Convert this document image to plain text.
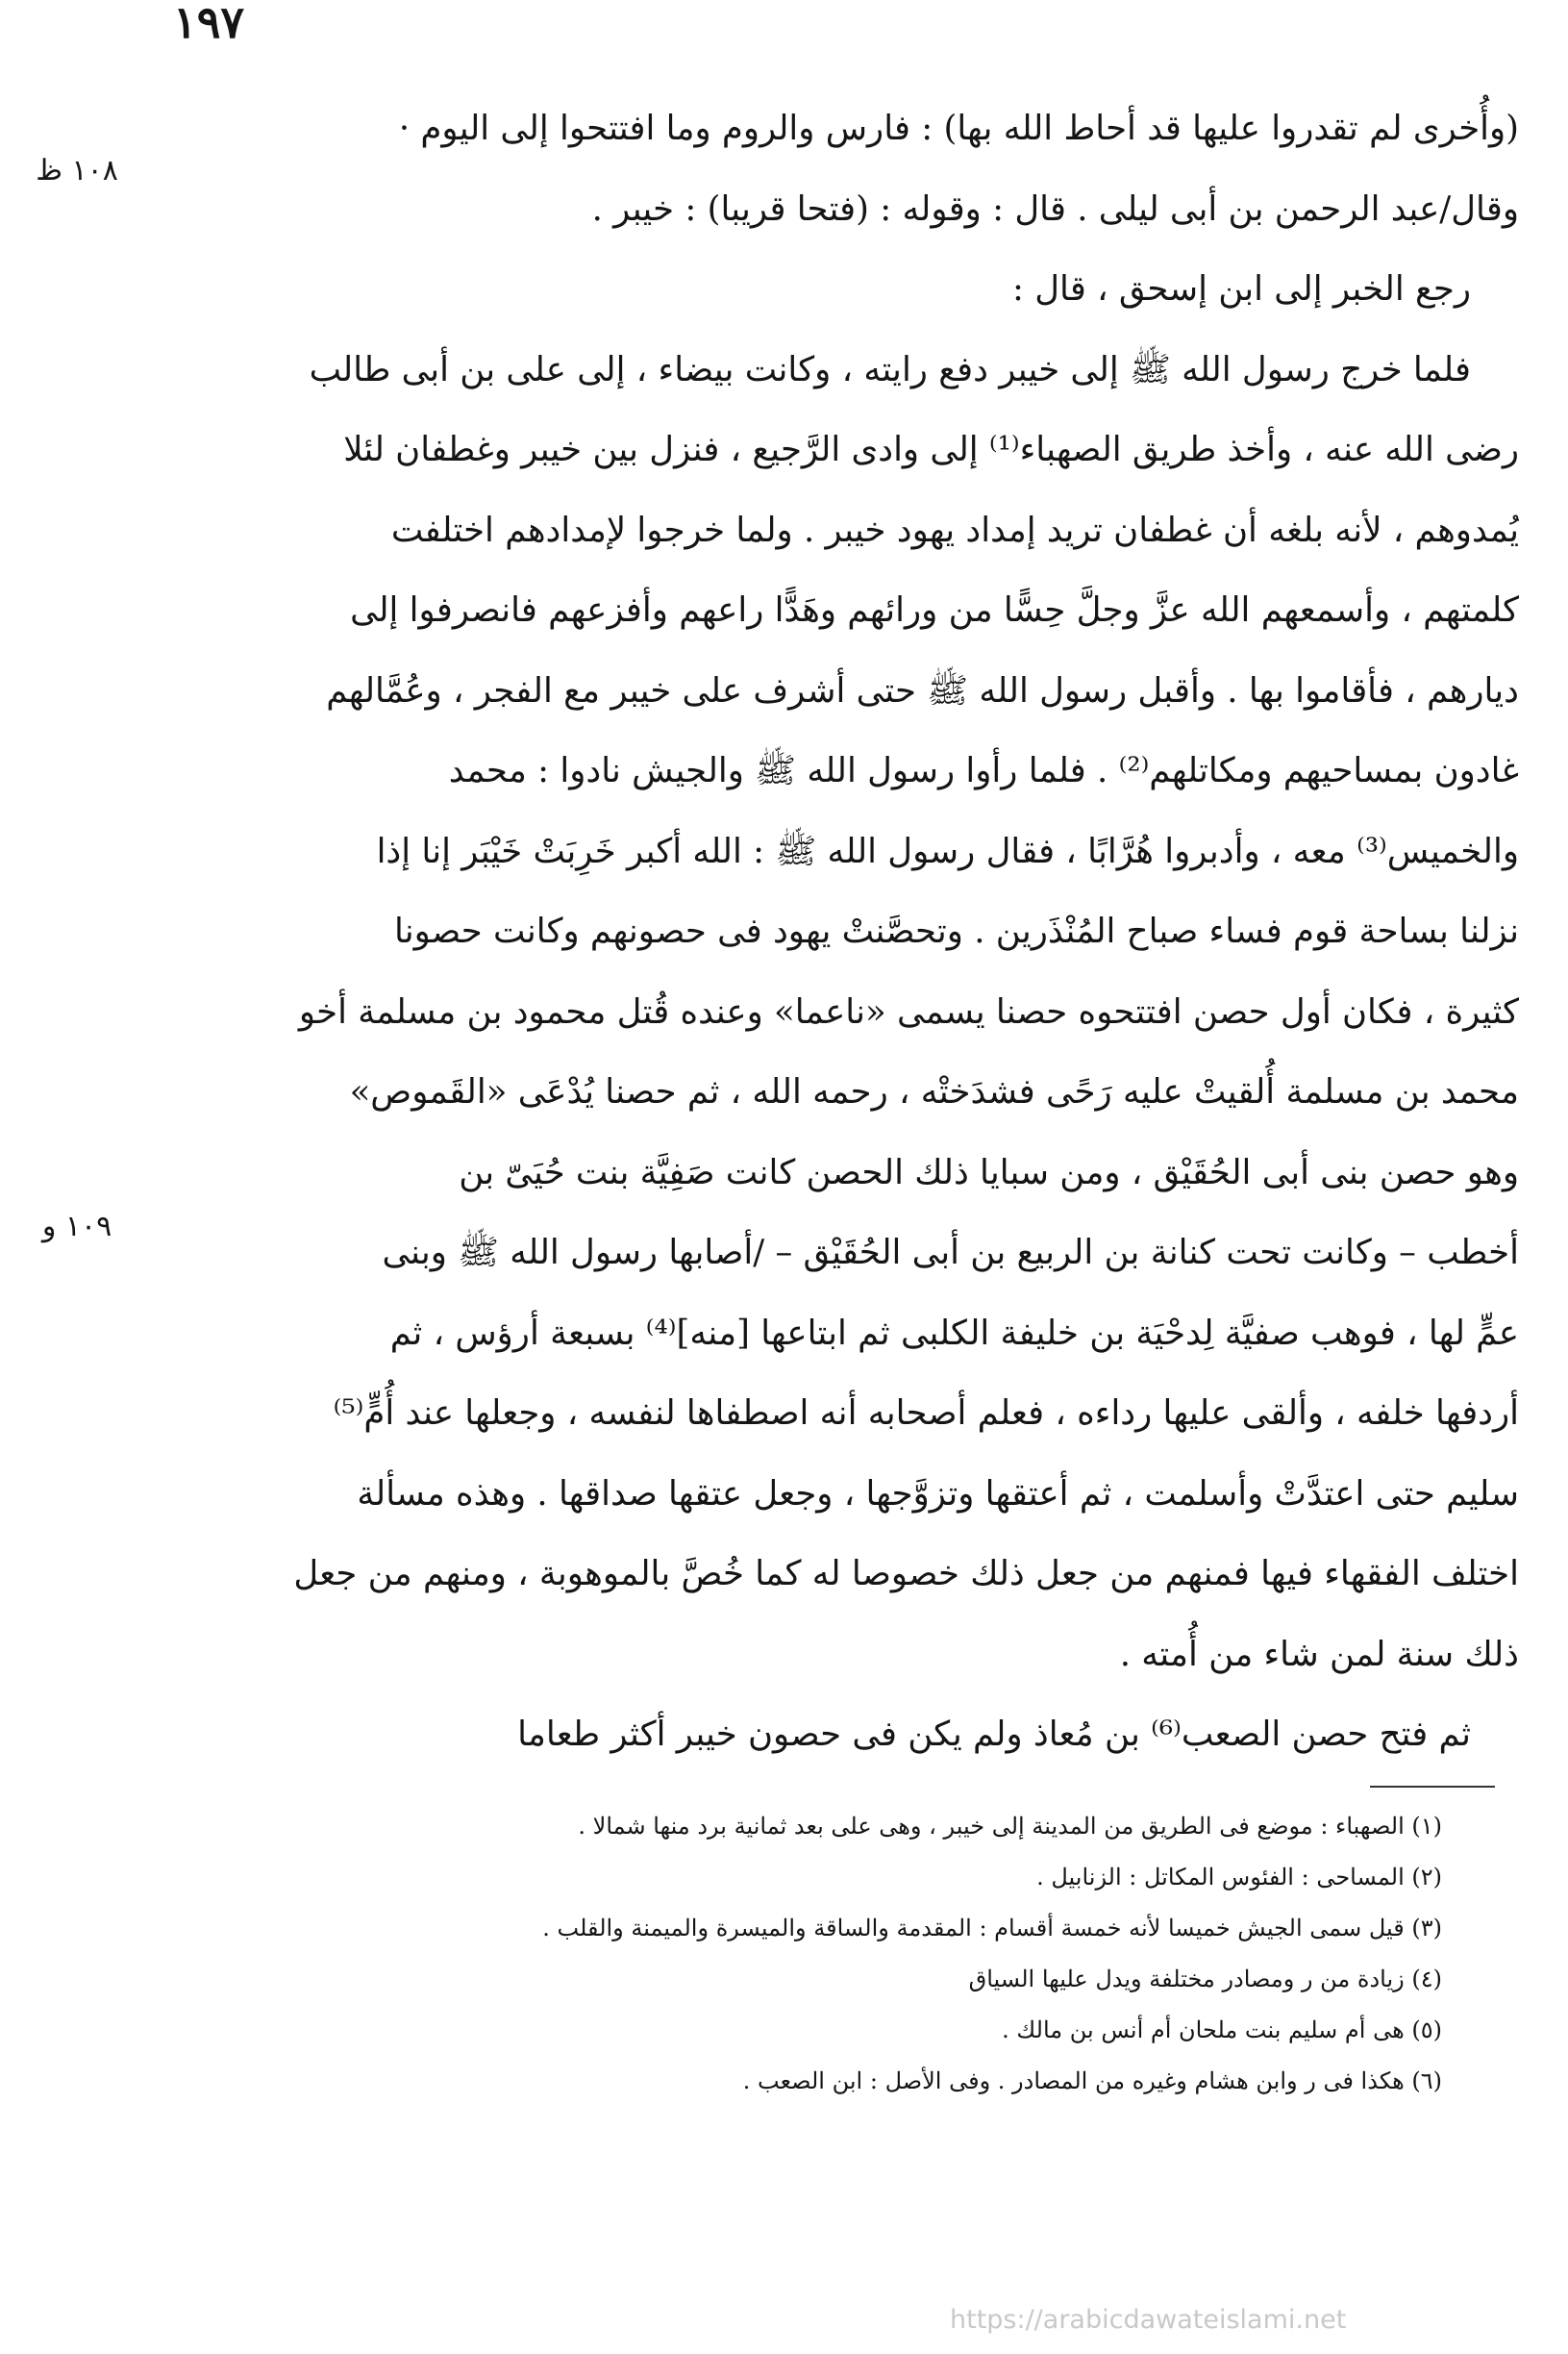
١٩٧
١٠٨ ظ
١٠٩ و
(وأُخرى لم تقدروا عليها قد أحاط الله بها) : فارس والروم وما افتتحوا إلى اليوم ·
وقال/عبد الرحمن بن أبى ليلى . قال : وقوله : (فتحا قريبا) : خيبر .
رجع الخبر إلى ابن إسحق ، قال :
فلما خرج رسول الله ﷺ إلى خيبر دفع رايته ، وكانت بيضاء ، إلى على بن أبى طالب
رضى الله عنه ، وأخذ طريق الصهباء⁽¹⁾ إلى وادى الرَّجيع ، فنزل بين خيبر وغطفان لئلا
يُمدوهم ، لأنه بلغه أن غطفان تريد إمداد يهود خيبر . ولما خرجوا لإمدادهم اختلفت
كلمتهم ، وأسمعهم الله عزَّ وجلَّ حِسًّا من ورائهم وهَدًّا راعهم وأفزعهم فانصرفوا إلى
ديارهم ، فأقاموا بها . وأقبل رسول الله ﷺ حتى أشرف على خيبر مع الفجر ، وعُمَّالهم
غادون بمساحيهم ومكاتلهم⁽²⁾ . فلما رأوا رسول الله ﷺ والجيش نادوا : محمد
والخميس⁽³⁾ معه ، وأدبروا هُرَّابًا ، فقال رسول الله ﷺ : الله أكبر خَرِبَتْ خَيْبَر إنا إذا
نزلنا بساحة قوم فساء صباح المُنْذَرين . وتحصَّنتْ يهود فى حصونهم وكانت حصونا
كثيرة ، فكان أول حصن افتتحوه حصنا يسمى «ناعما» وعنده قُتل محمود بن مسلمة أخو
محمد بن مسلمة أُلقيتْ عليه رَحًى فشدَختْه ، رحمه الله ، ثم حصنا يُدْعَى «القَموص»
وهو حصن بنى أبى الحُقَيْق ، ومن سبايا ذلك الحصن كانت صَفِيَّة بنت حُيَىّ بن
أخطب – وكانت تحت كنانة بن الربيع بن أبى الحُقَيْق – /أصابها رسول الله ﷺ وبنى
عمٍّ لها ، فوهب صفيَّة لِدحْيَة بن خليفة الكلبى ثم ابتاعها [منه]⁽⁴⁾ بسبعة أرؤس ، ثم
أردفها خلفه ، وألقى عليها رداءه ، فعلم أصحابه أنه اصطفاها لنفسه ، وجعلها عند أُمٍّ⁽⁵⁾
سليم حتى اعتدَّتْ وأسلمت ، ثم أعتقها وتزوَّجها ، وجعل عتقها صداقها . وهذه مسألة
اختلف الفقهاء فيها فمنهم من جعل ذلك خصوصا له كما خُصَّ بالموهوبة ، ومنهم من جعل
ذلك سنة لمن شاء من أُمته .
ثم فتح حصن الصعب⁽⁶⁾ بن مُعاذ ولم يكن فى حصون خيبر أكثر طعاما
(١) الصهباء : موضع فى الطريق من المدينة إلى خيبر ، وهى على بعد ثمانية برد منها شمالا .
(٢) المساحى : الفئوس المكاتل : الزنابيل .
(٣) قيل سمى الجيش خميسا لأنه خمسة أقسام : المقدمة والساقة والميسرة والميمنة والقلب .
(٤) زيادة من ر ومصادر مختلفة ويدل عليها السياق
(٥) هى أم سليم بنت ملحان أم أنس بن مالك .
(٦) هكذا فى ر وابن هشام وغيره من المصادر . وفى الأصل : ابن الصعب .
https://arabicdawateislami.net
